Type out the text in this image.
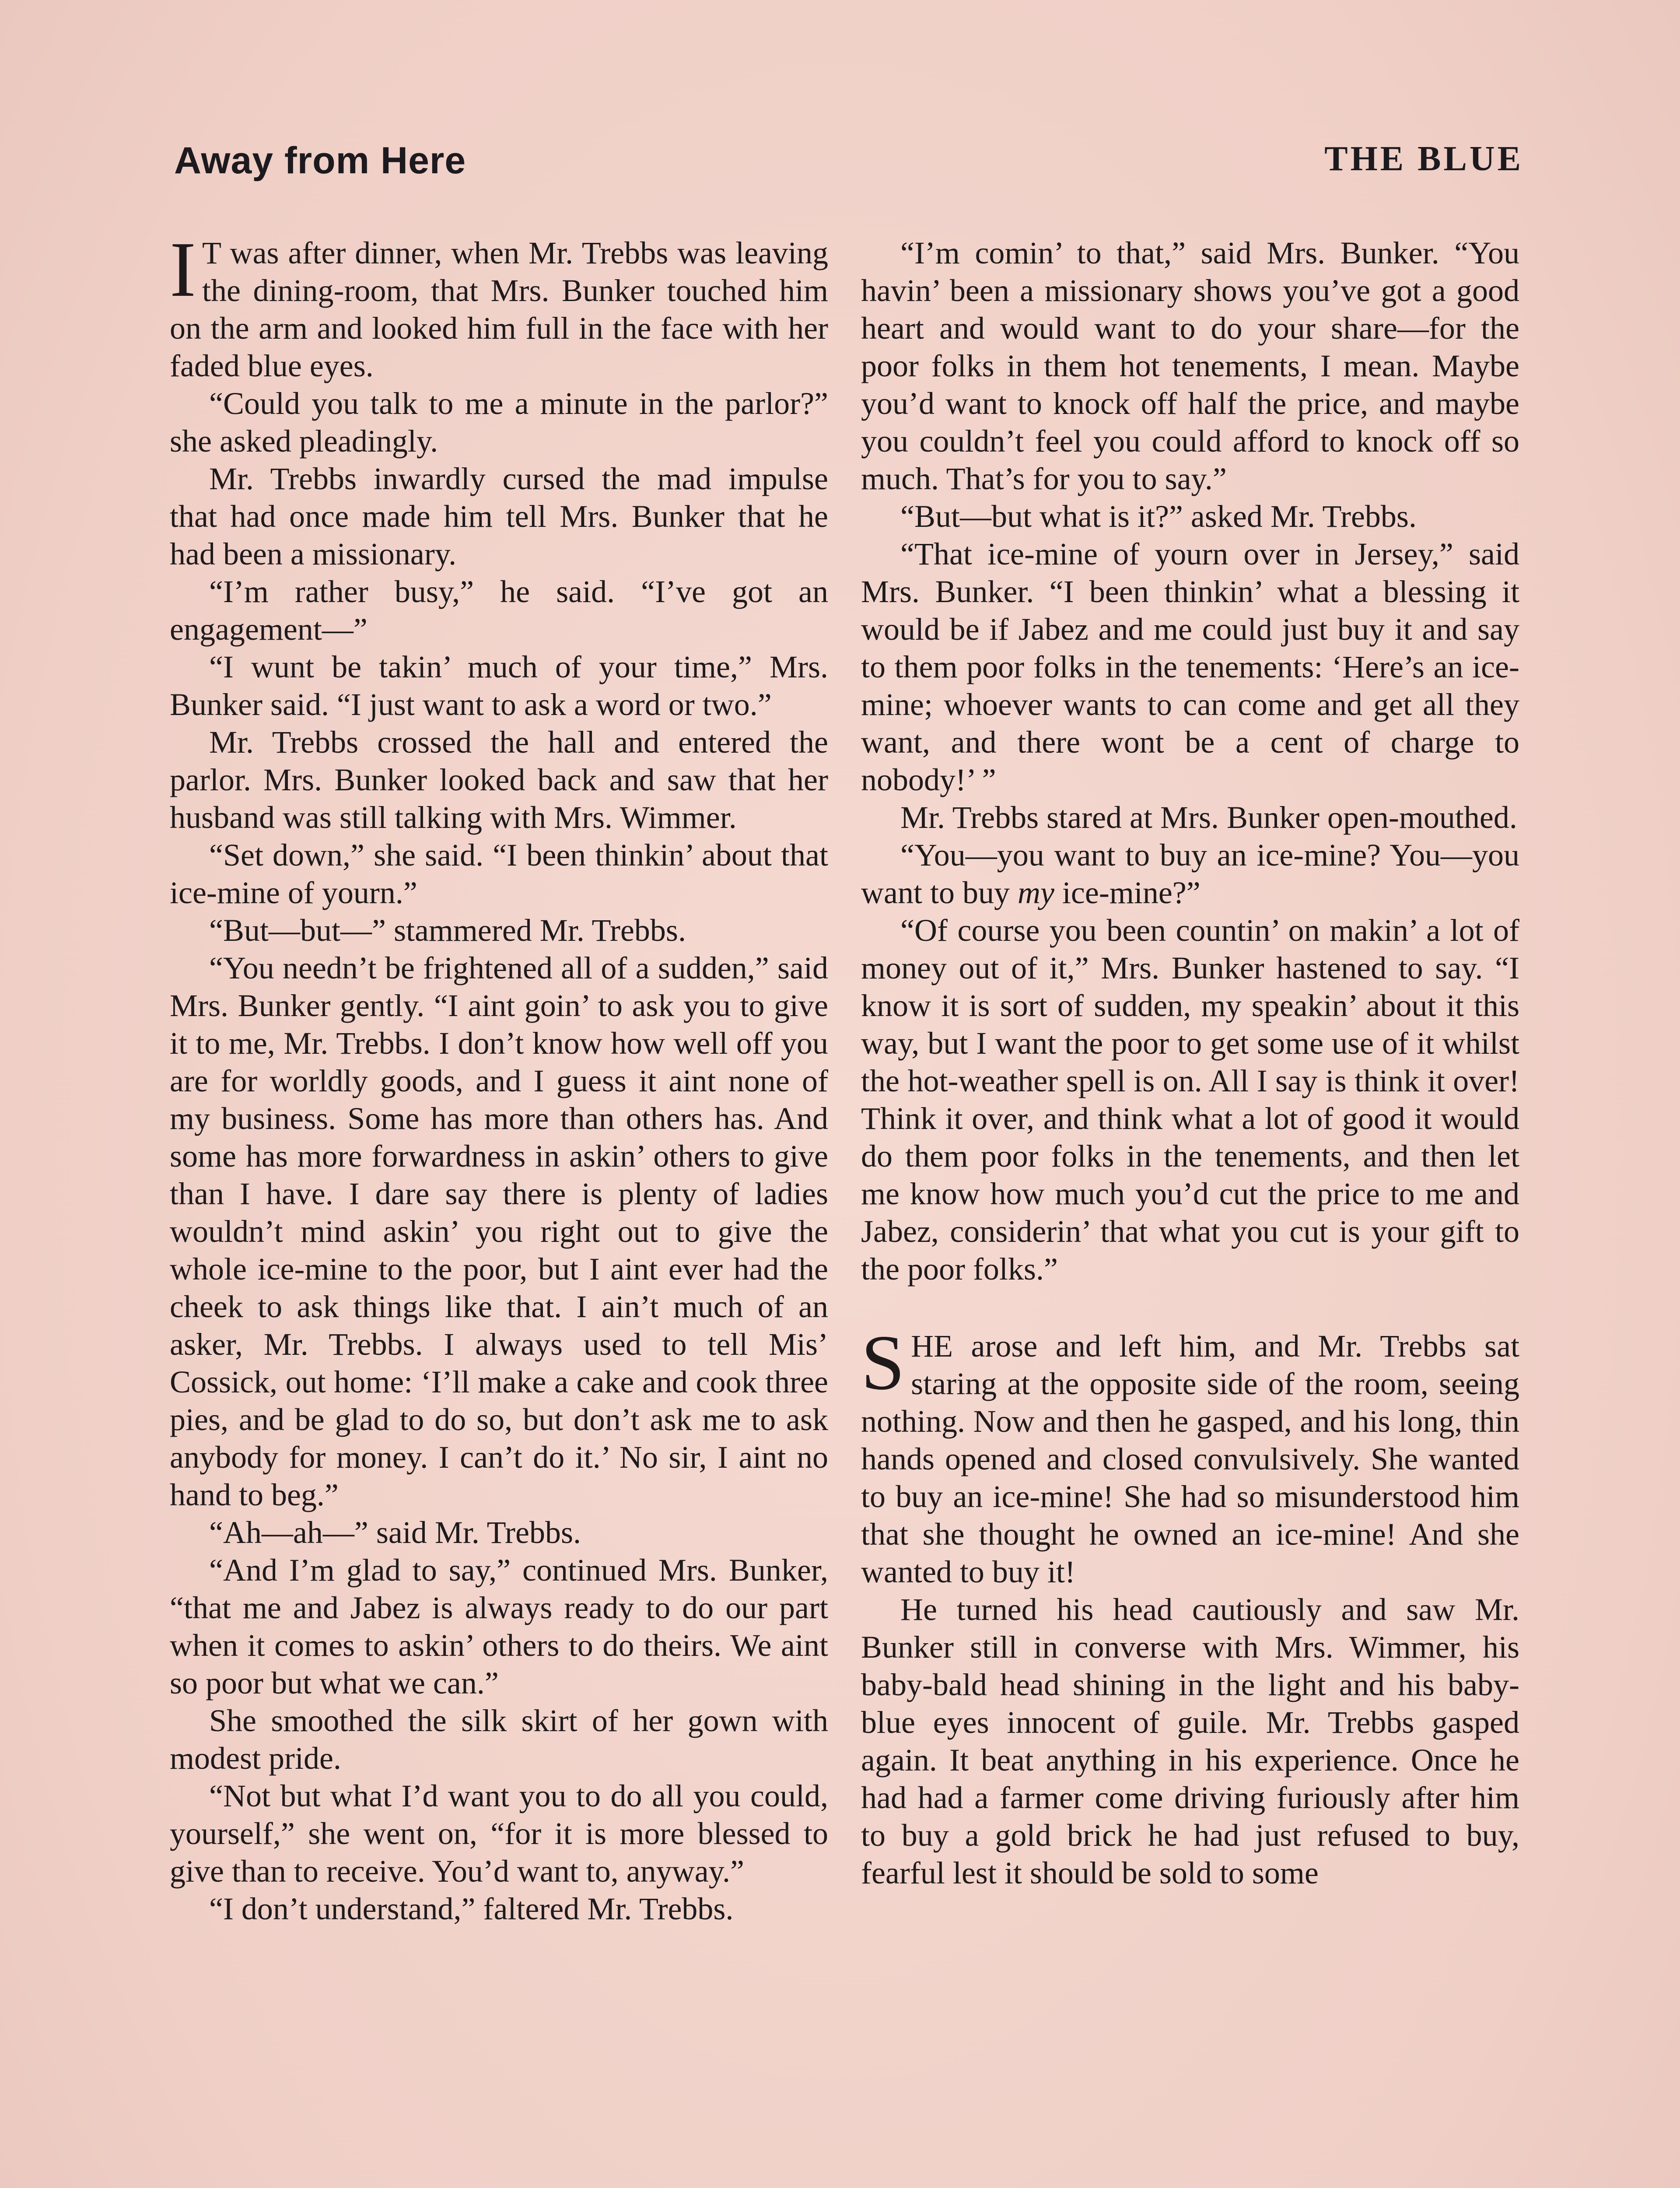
Away from Here	THE BLUE

I T was after dinner, when Mr. Trebbs was leaving the dining-room, that Mrs. Bunker touched him on the arm and looked him full in the face with her faded blue eyes.

“Could you talk to me a minute in the parlor?” she asked pleadingly.

Mr. Trebbs inwardly cursed the mad impulse that had once made him tell Mrs. Bunker that he had been a missionary.

“I’m rather busy,” he said. “I’ve got an engagement—”

“I wunt be takin’ much of your time,” Mrs. Bunker said. “I just want to ask a word or two.”

Mr. Trebbs crossed the hall and entered the parlor. Mrs. Bunker looked back and saw that her husband was still talking with Mrs. Wimmer.

“Set down,” she said. “I been thinkin’ about that ice-mine of yourn.”

“But—but—” stammered Mr. Trebbs.

“You needn’t be frightened all of a sudden,” said Mrs. Bunker gently. “I aint goin’ to ask you to give it to me, Mr. Trebbs. I don’t know how well off you are for worldly goods, and I guess it aint none of my business. Some has more than others has. And some has more forwardness in askin’ others to give than I have. I dare say there is plenty of ladies wouldn’t mind askin’ you right out to give the whole ice-mine to the poor, but I aint ever had the cheek to ask things like that. I ain’t much of an asker, Mr. Trebbs. I always used to tell Mis’ Cossick, out home: ‘I’ll make a cake and cook three pies, and be glad to do so, but don’t ask me to ask anybody for money. I can’t do it.’ No sir, I aint no hand to beg.”

“Ah—ah—” said Mr. Trebbs.

“And I’m glad to say,” continued Mrs. Bunker, “that me and Jabez is always ready to do our part when it comes to askin’ others to do theirs. We aint so poor but what we can.”

She smoothed the silk skirt of her gown with modest pride.

“Not but what I’d want you to do all you could, yourself,” she went on, “for it is more blessed to give than to receive. You’d want to, anyway.”

“I don’t understand,” faltered Mr. Trebbs.

“I’m comin’ to that,” said Mrs. Bunker. “You havin’ been a missionary shows you’ve got a good heart and would want to do your share—for the poor folks in them hot tenements, I mean. Maybe you’d want to knock off half the price, and maybe you couldn’t feel you could afford to knock off so much. That’s for you to say.”

“But—but what is it?” asked Mr. Trebbs.

“That ice-mine of yourn over in Jersey,” said Mrs. Bunker. “I been thinkin’ what a blessing it would be if Jabez and me could just buy it and say to them poor folks in the tenements: ‘Here’s an ice-mine; whoever wants to can come and get all they want, and there wont be a cent of charge to nobody!’ ”

Mr. Trebbs stared at Mrs. Bunker open-mouthed.

“You—you want to buy an ice-mine? You—you want to buy my ice-mine?”

“Of course you been countin’ on makin’ a lot of money out of it,” Mrs. Bunker hastened to say. “I know it is sort of sudden, my speakin’ about it this way, but I want the poor to get some use of it whilst the hot-weather spell is on. All I say is think it over! Think it over, and think what a lot of good it would do them poor folks in the tenements, and then let me know how much you’d cut the price to me and Jabez, considerin’ that what you cut is your gift to the poor folks.”

SHE arose and left him, and Mr. Trebbs sat staring at the opposite side of the room, seeing nothing. Now and then he gasped, and his long, thin hands opened and closed convulsively. She wanted to buy an ice-mine! She had so misunderstood him that she thought he owned an ice-mine! And she wanted to buy it!

He turned his head cautiously and saw Mr. Bunker still in converse with Mrs. Wimmer, his baby-bald head shining in the light and his baby-blue eyes innocent of guile. Mr. Trebbs gasped again. It beat anything in his experience. Once he had had a farmer come driving furiously after him to buy a gold brick he had just refused to buy, fearful lest it should be sold to some
